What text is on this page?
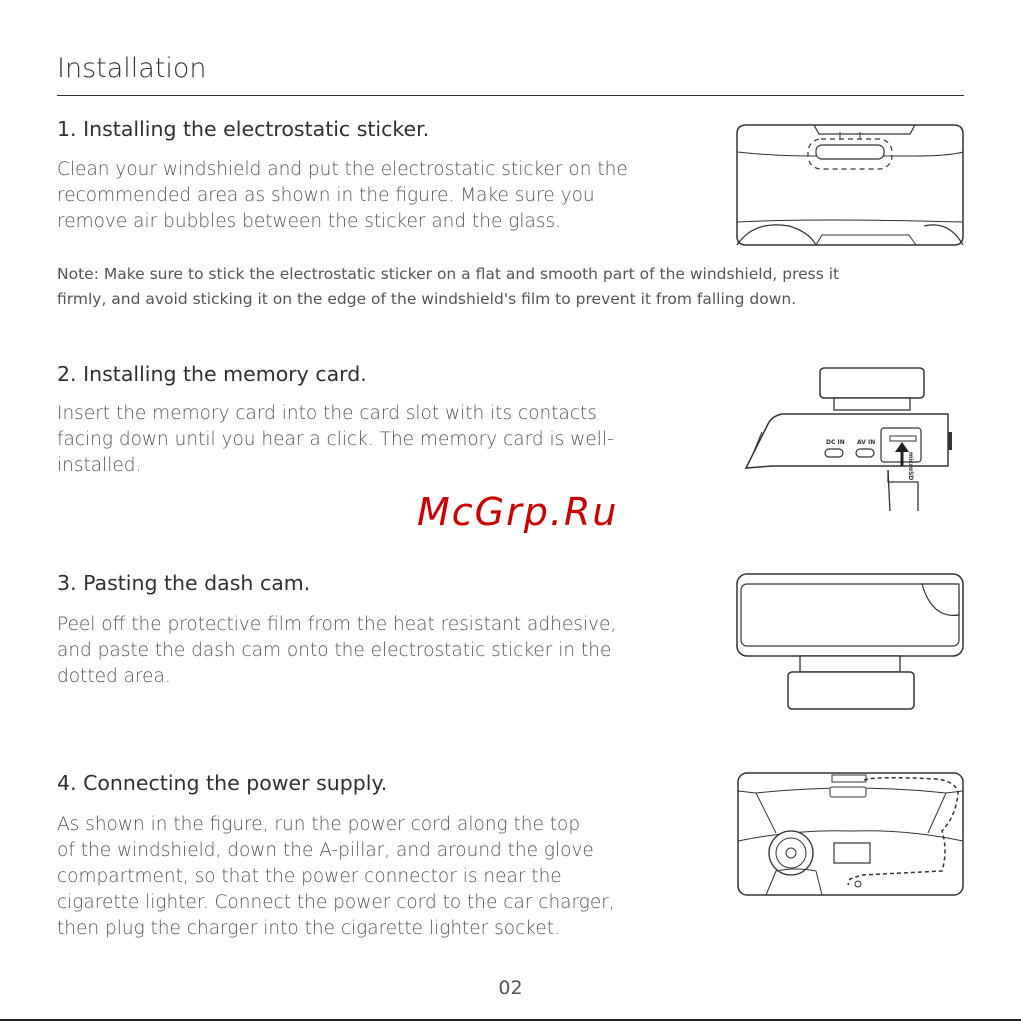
Installation
1. Installing the electrostatic sticker.
Clean your windshield and put the electrostatic sticker on the
recommended area as shown in the figure. Make sure you
remove air bubbles between the sticker and the glass.
Note: Make sure to stick the electrostatic sticker on a flat and smooth part of the windshield, press it
firmly, and avoid sticking it on the edge of the windshield's film to prevent it from falling down.
2. Installing the memory card.
Insert the memory card into the card slot with its contacts
facing down until you hear a click. The memory card is well-
installed.
DC IN AV IN
microSD
McGrp.Ru
3. Pasting the dash cam.
Peel off the protective film from the heat resistant adhesive,
and paste the dash cam onto the electrostatic sticker in the
dotted area.
4. Connecting the power supply.
As shown in the figure, run the power cord along the top
of the windshield, down the A-pillar, and around the glove
compartment, so that the power connector is near the
cigarette lighter. Connect the power cord to the car charger,
then plug the charger into the cigarette lighter socket.
02
